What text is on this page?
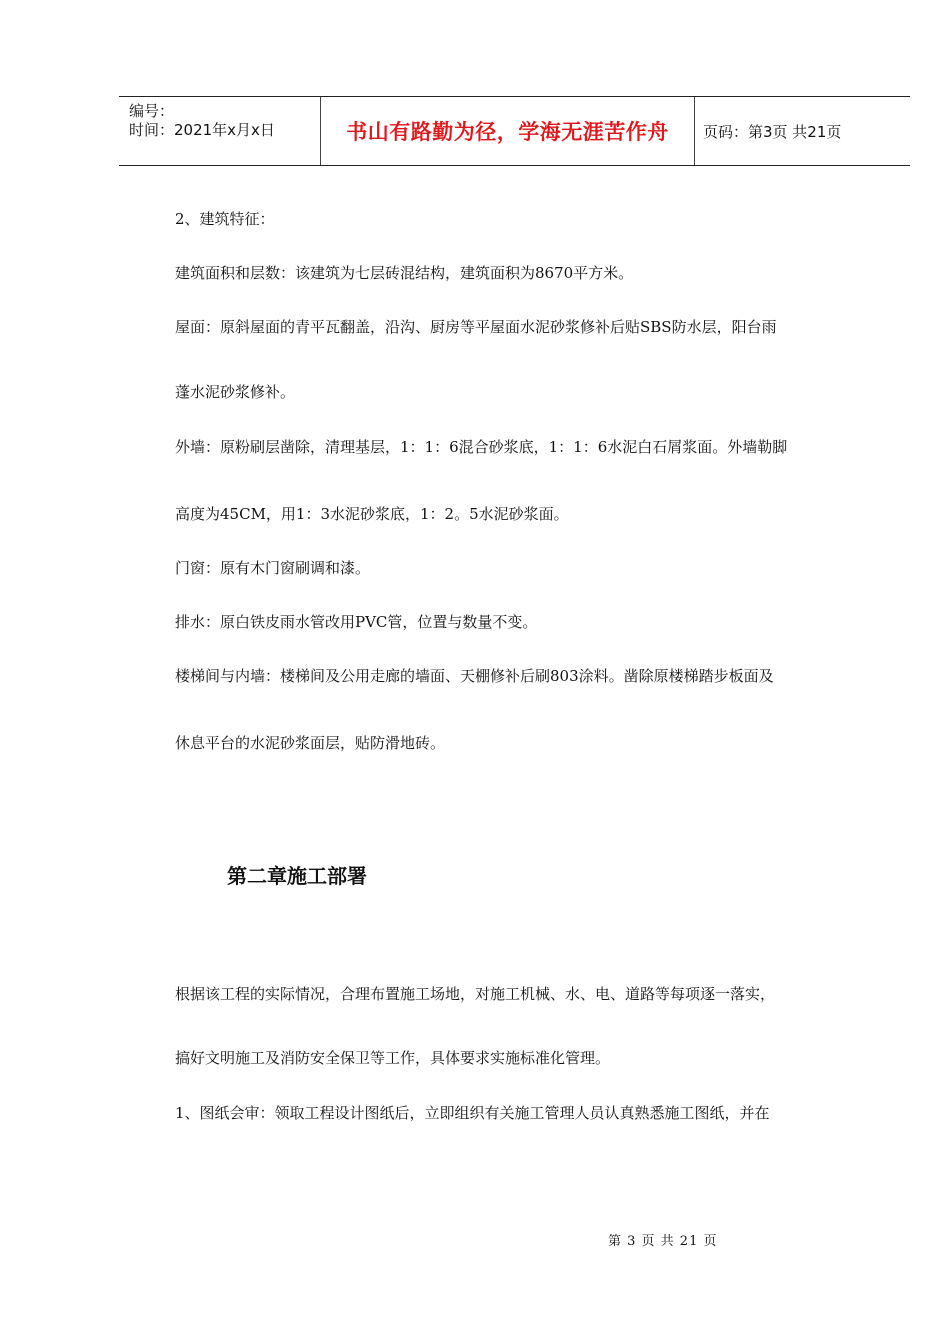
编号：
时间：2021年x月x日	书山有路勤为径，学海无涯苦作舟 页码：第3页 共21页
2、建筑特征：
建筑面积和层数：该建筑为七层砖混结构，建筑面积为8670平方米。
屋面：原斜屋面的青平瓦翻盖，沿沟、厨房等平屋面水泥砂浆修补后贴SBS防水层，阳台雨
蓬水泥砂浆修补。
外墙：原粉刷层凿除，清理基层，1：1：6混合砂浆底，1：1：6水泥白石屑浆面。外墙勒脚
高度为45CM，用1：3水泥砂浆底，1：2。5水泥砂浆面。
门窗：原有木门窗刷调和漆。
排水：原白铁皮雨水管改用PVC管，位置与数量不变。
楼梯间与内墙：楼梯间及公用走廊的墙面、天棚修补后刷803涂料。凿除原楼梯踏步板面及
休息平台的水泥砂浆面层，贴防滑地砖。
第二章施工部署
根据该工程的实际情况，合理布置施工场地，对施工机械、水、电、道路等每项逐一落实，
搞好文明施工及消防安全保卫等工作，具体要求实施标准化管理。
1、图纸会审：领取工程设计图纸后，立即组织有关施工管理人员认真熟悉施工图纸，并在
第 3 页 共 21 页
